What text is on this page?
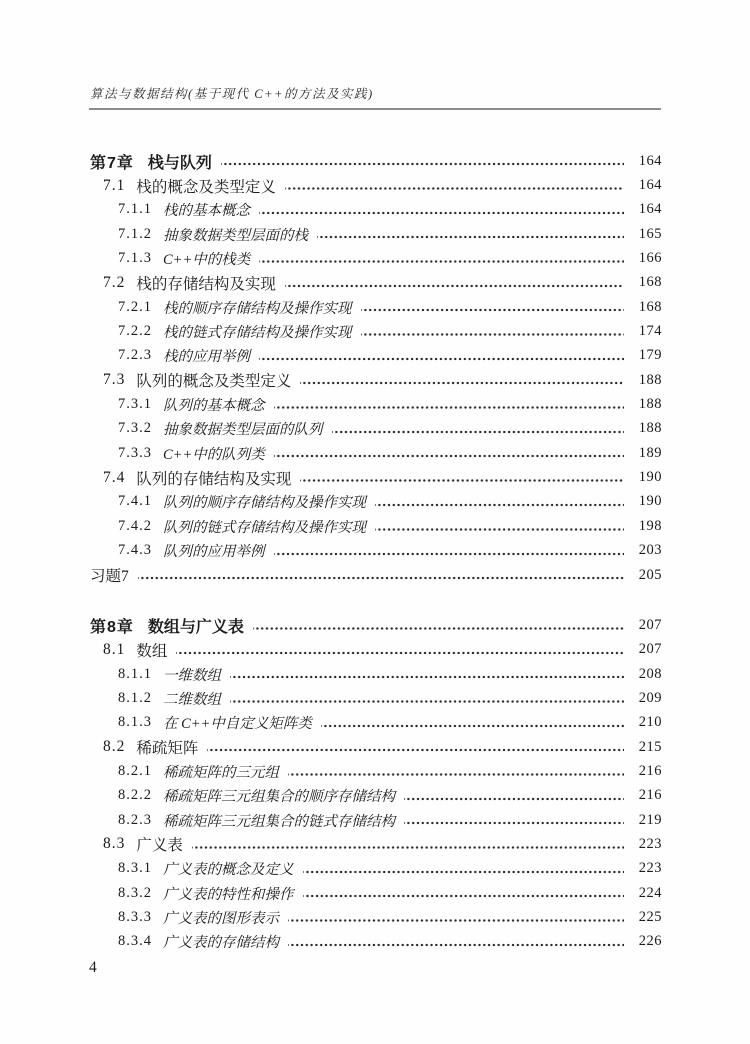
算法与数据结构(基于现代 C++的方法及实践)
第7章 栈与队列	164
7.1 栈的概念及类型定义	164
7.1.1 栈的基本概念	164
7.1.2 抽象数据类型层面的栈	165
7.1.3 C++中的栈类	166
7.2 栈的存储结构及实现	168
7.2.1 栈的顺序存储结构及操作实现	168
7.2.2 栈的链式存储结构及操作实现	174
7.2.3 栈的应用举例	179
7.3 队列的概念及类型定义	188
7.3.1 队列的基本概念	188
7.3.2 抽象数据类型层面的队列	188
7.3.3 C++中的队列类	189
7.4 队列的存储结构及实现	190
7.4.1 队列的顺序存储结构及操作实现	190
7.4.2 队列的链式存储结构及操作实现	198
7.4.3 队列的应用举例	203
习题7	205
第8章 数组与广义表	207
8.1 数组	207
8.1.1 一维数组	208
8.1.2 二维数组	209
8.1.3 在 C++中自定义矩阵类	210
8.2 稀疏矩阵	215
8.2.1 稀疏矩阵的三元组	216
8.2.2 稀疏矩阵三元组集合的顺序存储结构	216
8.2.3 稀疏矩阵三元组集合的链式存储结构	219
8.3 广义表	223
8.3.1 广义表的概念及定义	223
8.3.2 广义表的特性和操作	224
8.3.3 广义表的图形表示	225
8.3.4 广义表的存储结构	226
4
